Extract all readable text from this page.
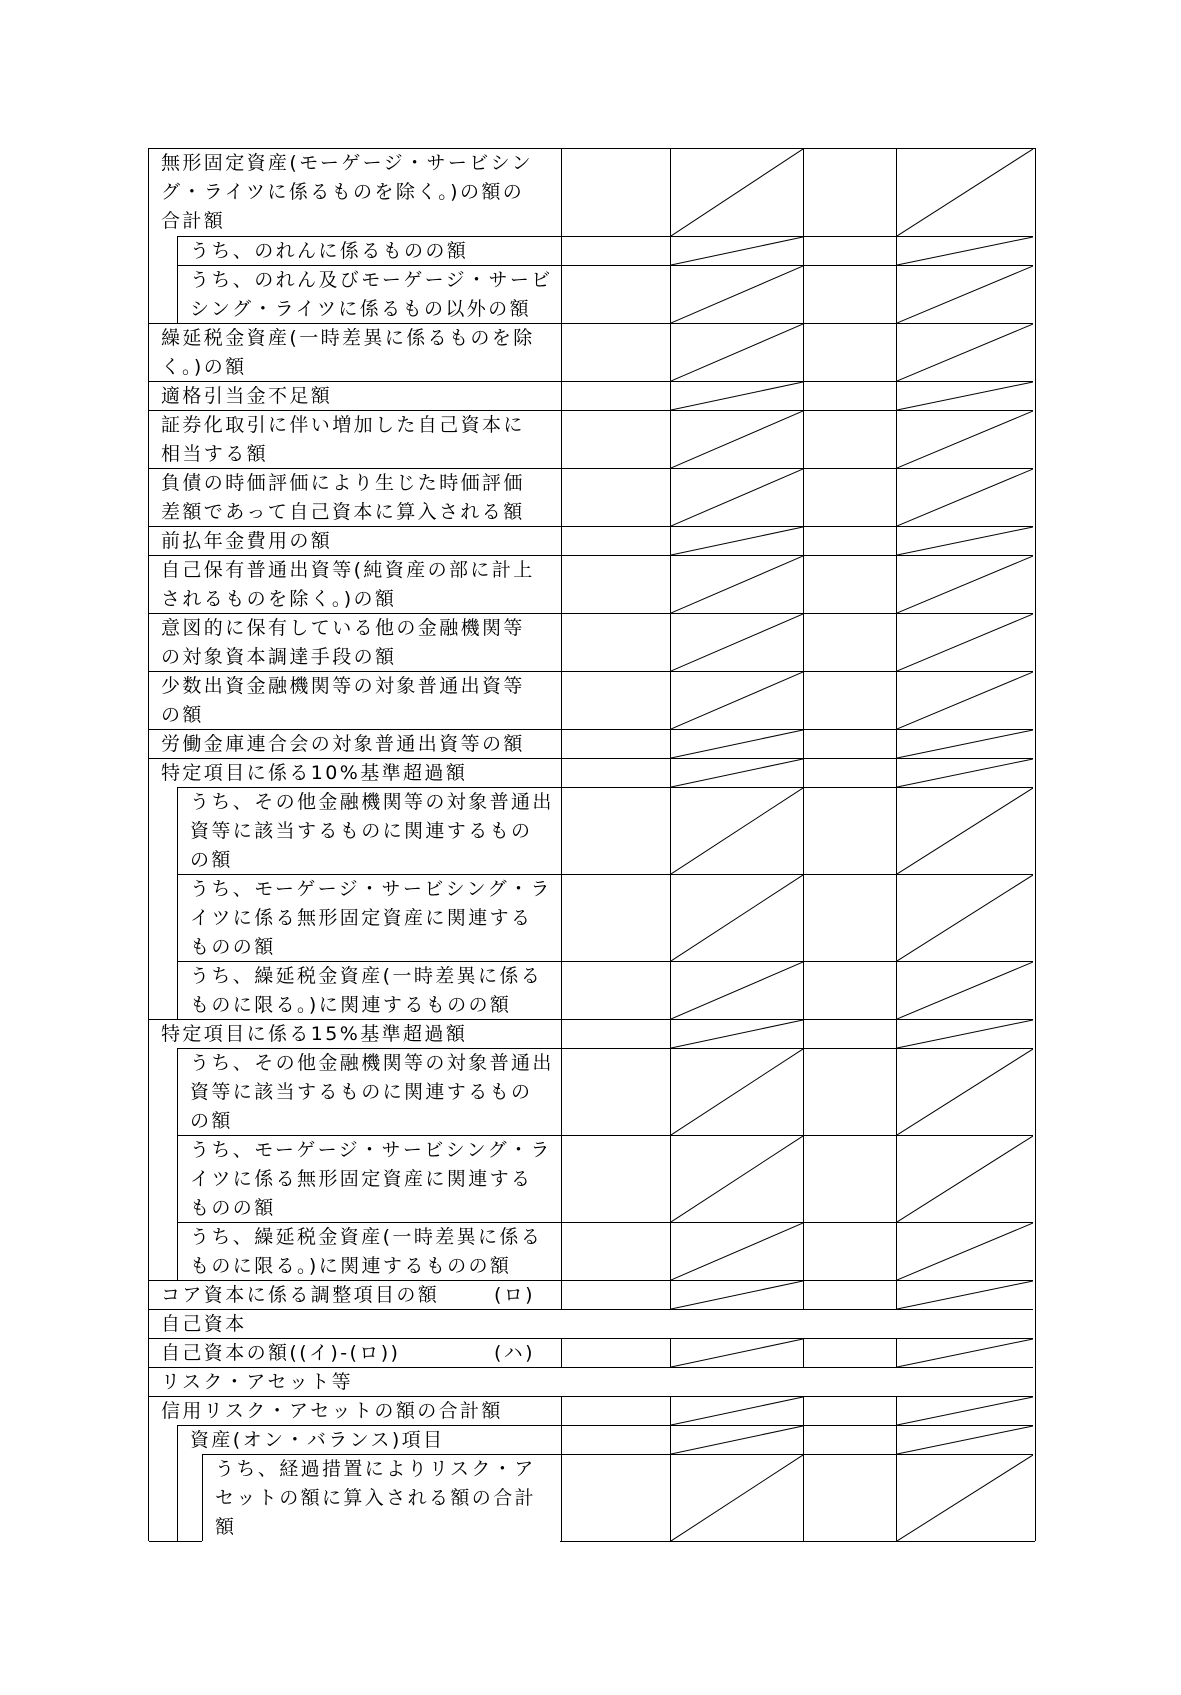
無形固定資産(モーゲージ・サービシン
グ・ライツに係るものを除く。)の額の
合計額
うち、のれんに係るものの額
うち、のれん及びモーゲージ・サービ
シング・ライツに係るもの以外の額
繰延税金資産(一時差異に係るものを除
く。)の額
適格引当金不足額
証券化取引に伴い増加した自己資本に
相当する額
負債の時価評価により生じた時価評価
差額であって自己資本に算入される額
前払年金費用の額
自己保有普通出資等(純資産の部に計上
されるものを除く。)の額
意図的に保有している他の金融機関等
の対象資本調達手段の額
少数出資金融機関等の対象普通出資等
の額
労働金庫連合会の対象普通出資等の額
特定項目に係る10%基準超過額
うち、その他金融機関等の対象普通出
資等に該当するものに関連するもの
の額
うち、モーゲージ・サービシング・ラ
イツに係る無形固定資産に関連する
ものの額
うち、繰延税金資産(一時差異に係る
ものに限る。)に関連するものの額
特定項目に係る15%基準超過額
うち、その他金融機関等の対象普通出
資等に該当するものに関連するもの
の額
うち、モーゲージ・サービシング・ラ
イツに係る無形固定資産に関連する
ものの額
うち、繰延税金資産(一時差異に係る
ものに限る。)に関連するものの額
コア資本に係る調整項目の額	(ロ)
自己資本
自己資本の額((イ)-(ロ))	(ハ)
リスク・アセット等
信用リスク・アセットの額の合計額
資産(オン・バランス)項目
うち、経過措置によりリスク・ア
セットの額に算入される額の合計
額
